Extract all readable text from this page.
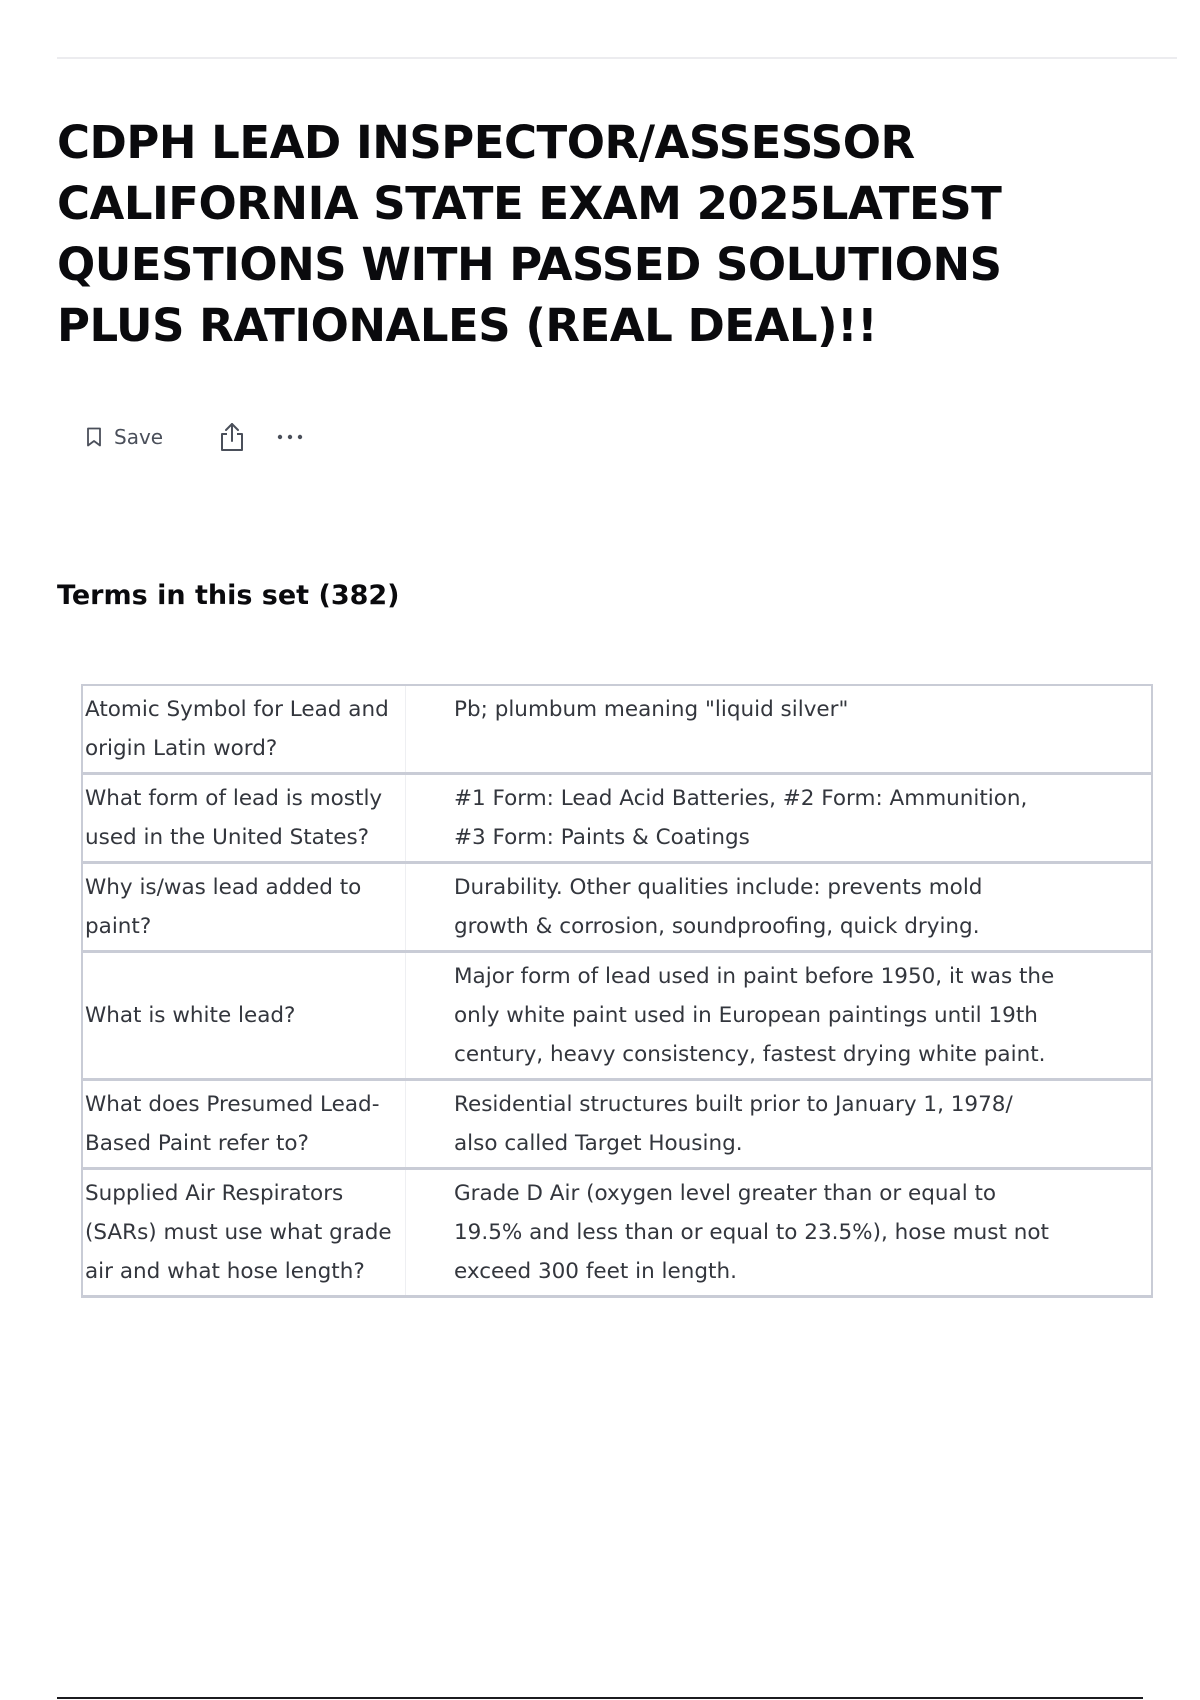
CDPH LEAD INSPECTOR/ASSESSOR CALIFORNIA STATE EXAM 2025LATEST QUESTIONS WITH PASSED SOLUTIONS PLUS RATIONALES (REAL DEAL)!!
Save
Terms in this set (382)
Atomic Symbol for Lead and origin Latin word?	Pb; plumbum meaning "liquid silver"
What form of lead is mostly used in the United States?	#1 Form: Lead Acid Batteries, #2 Form: Ammunition, #3 Form: Paints & Coatings
Why is/was lead added to paint?	Durability. Other qualities include: prevents mold growth & corrosion, soundproofing, quick drying.
What is white lead?	Major form of lead used in paint before 1950, it was the only white paint used in European paintings until 19th century, heavy consistency, fastest drying white paint.
What does Presumed Lead-Based Paint refer to?	Residential structures built prior to January 1, 1978/ also called Target Housing.
Supplied Air Respirators (SARs) must use what grade air and what hose length?	Grade D Air (oxygen level greater than or equal to 19.5% and less than or equal to 23.5%), hose must not exceed 300 feet in length.
